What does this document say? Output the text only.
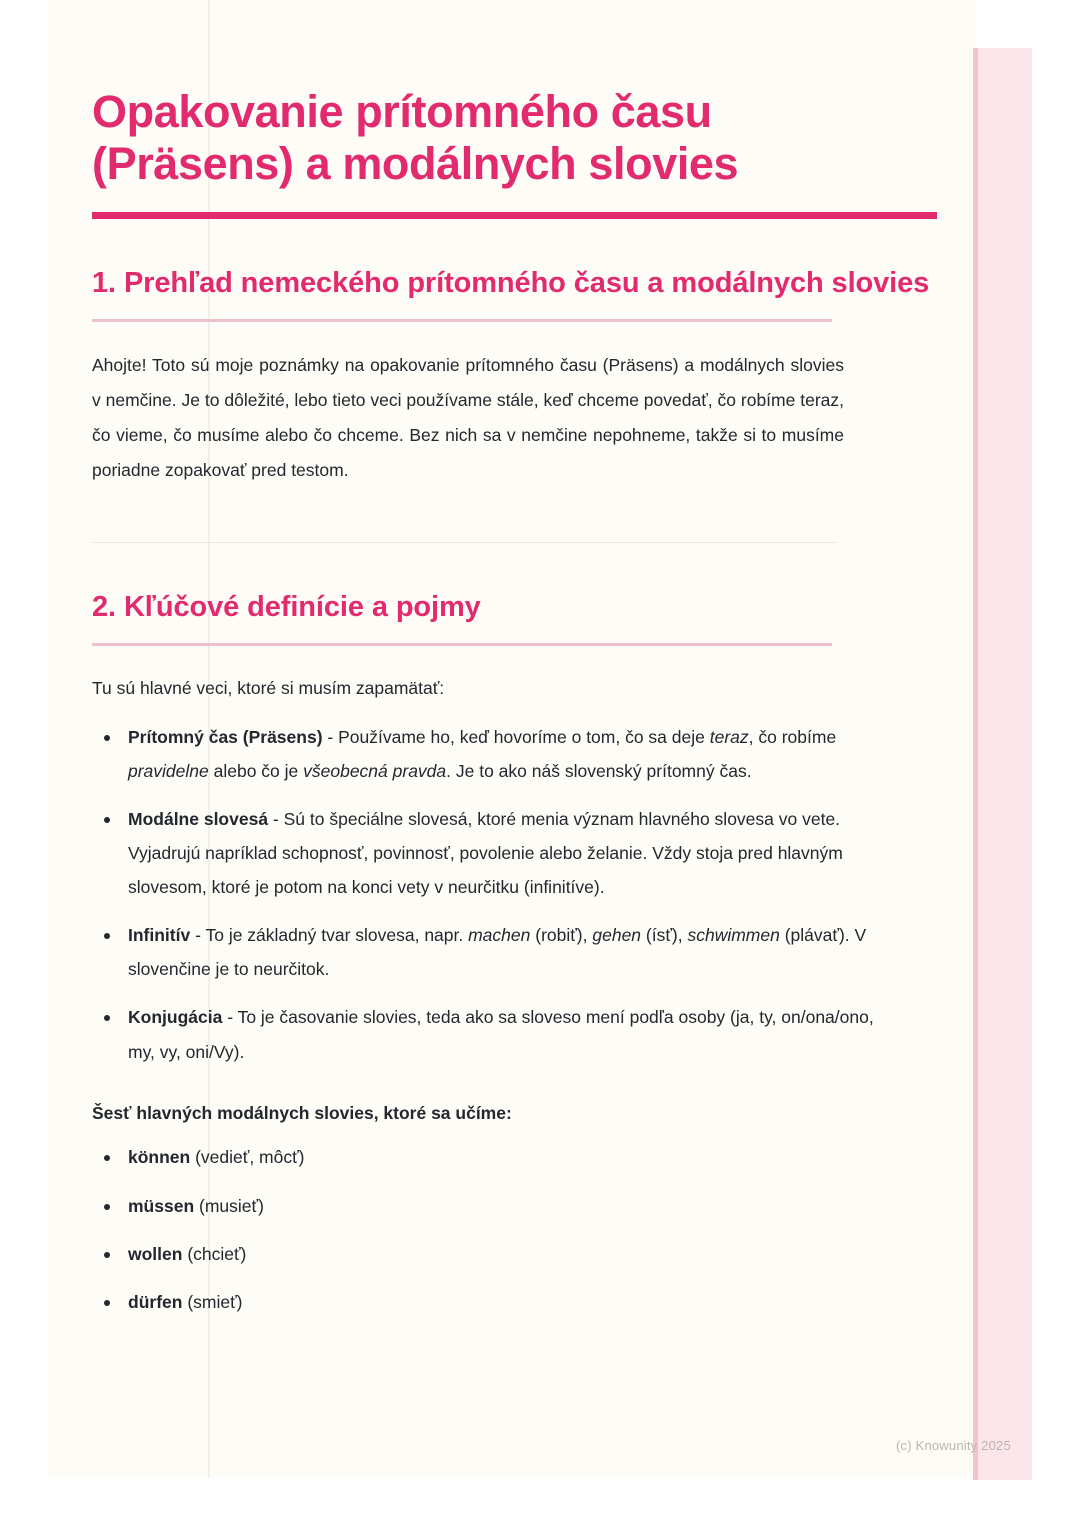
Opakovanie prítomného času
(Präsens) a modálnych slovies
1. Prehľad nemeckého prítomného času a modálnych slovies

Ahojte! Toto sú moje poznámky na opakovanie prítomného času (Präsens) a modálnych slovies v nemčine. Je to dôležité, lebo tieto veci používame stále, keď chceme povedať, čo robíme teraz, čo vieme, čo musíme alebo čo chceme. Bez nich sa v nemčine nepohneme, takže si to musíme poriadne zopakovať pred testom.

2. Kľúčové definície a pojmy

Tu sú hlavné veci, ktoré si musím zapamätať:

Prítomný čas (Präsens) - Používame ho, keď hovoríme o tom, čo sa deje teraz, čo robíme pravidelne alebo čo je všeobecná pravda. Je to ako náš slovenský prítomný čas.
Modálne slovesá - Sú to špeciálne slovesá, ktoré menia význam hlavného slovesa vo vete. Vyjadrujú napríklad schopnosť, povinnosť, povolenie alebo želanie. Vždy stoja pred hlavným slovesom, ktoré je potom na konci vety v neurčitku (infinitíve).
Infinitív - To je základný tvar slovesa, napr. machen (robiť), gehen (ísť), schwimmen (plávať). V slovenčine je to neurčitok.
Konjugácia - To je časovanie slovies, teda ako sa sloveso mení podľa osoby (ja, ty, on/ona/ono, my, vy, oni/Vy).

Šesť hlavných modálnych slovies, ktoré sa učíme:

können (vedieť, môcť)
müssen (musieť)
wollen (chcieť)
dürfen (smieť)
(c) Knowunity 2025
